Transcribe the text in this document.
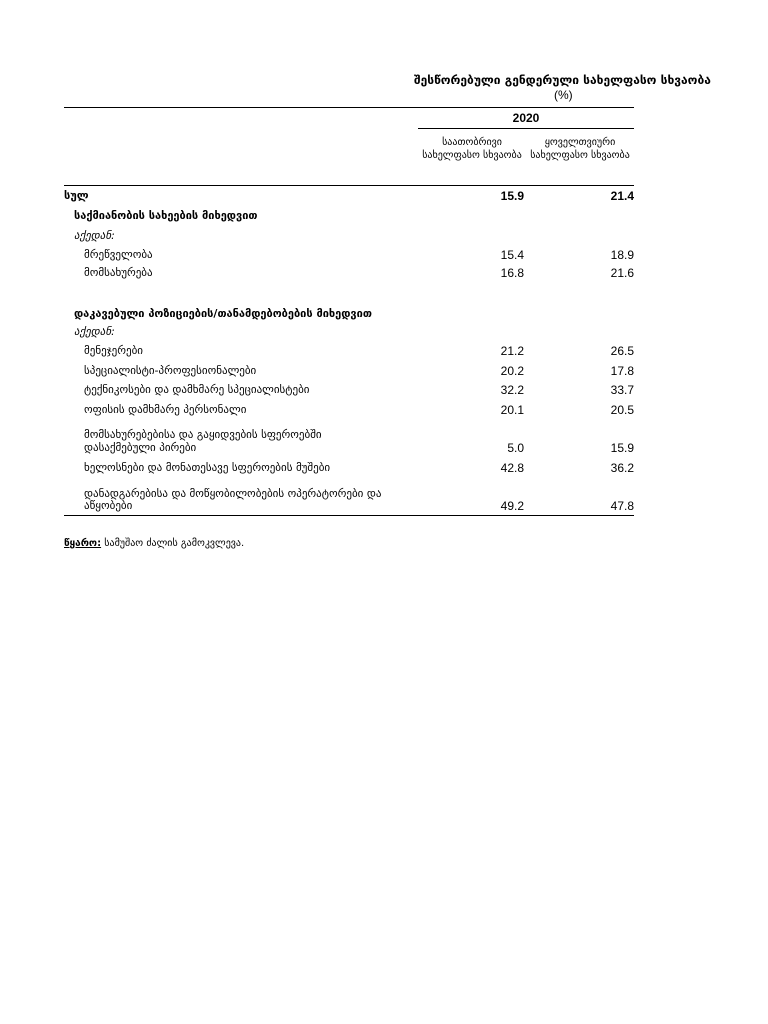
შესწორებული გენდერული სახელფასო სხვაობა
(%)
2020
საათობრივი სახელფასო სხვაობა
ყოველთვიური სახელფასო სხვაობა
სულ	15.9	21.4
საქმიანობის სახეების მიხედვით
აქედან:
მრეწველობა	15.4	18.9
მომსახურება	16.8	21.6
დაკავებული პოზიციების/თანამდებობების მიხედვით
აქედან:
მენეჯერები	21.2	26.5
სპეციალისტი-პროფესიონალები	20.2	17.8
ტექნიკოსები და დამხმარე სპეციალისტები	32.2	33.7
ოფისის დამხმარე პერსონალი	20.1	20.5
მომსახურებებისა და გაყიდვების სფეროებში
დასაქმებული პირები	5.0	15.9
ხელოსნები და მონათესავე სფეროების მუშები	42.8	36.2
დანადგარებისა და მოწყობილობების ოპერატორები და
აწყობები	49.2	47.8
წყარო: სამუშაო ძალის გამოკვლევა.
